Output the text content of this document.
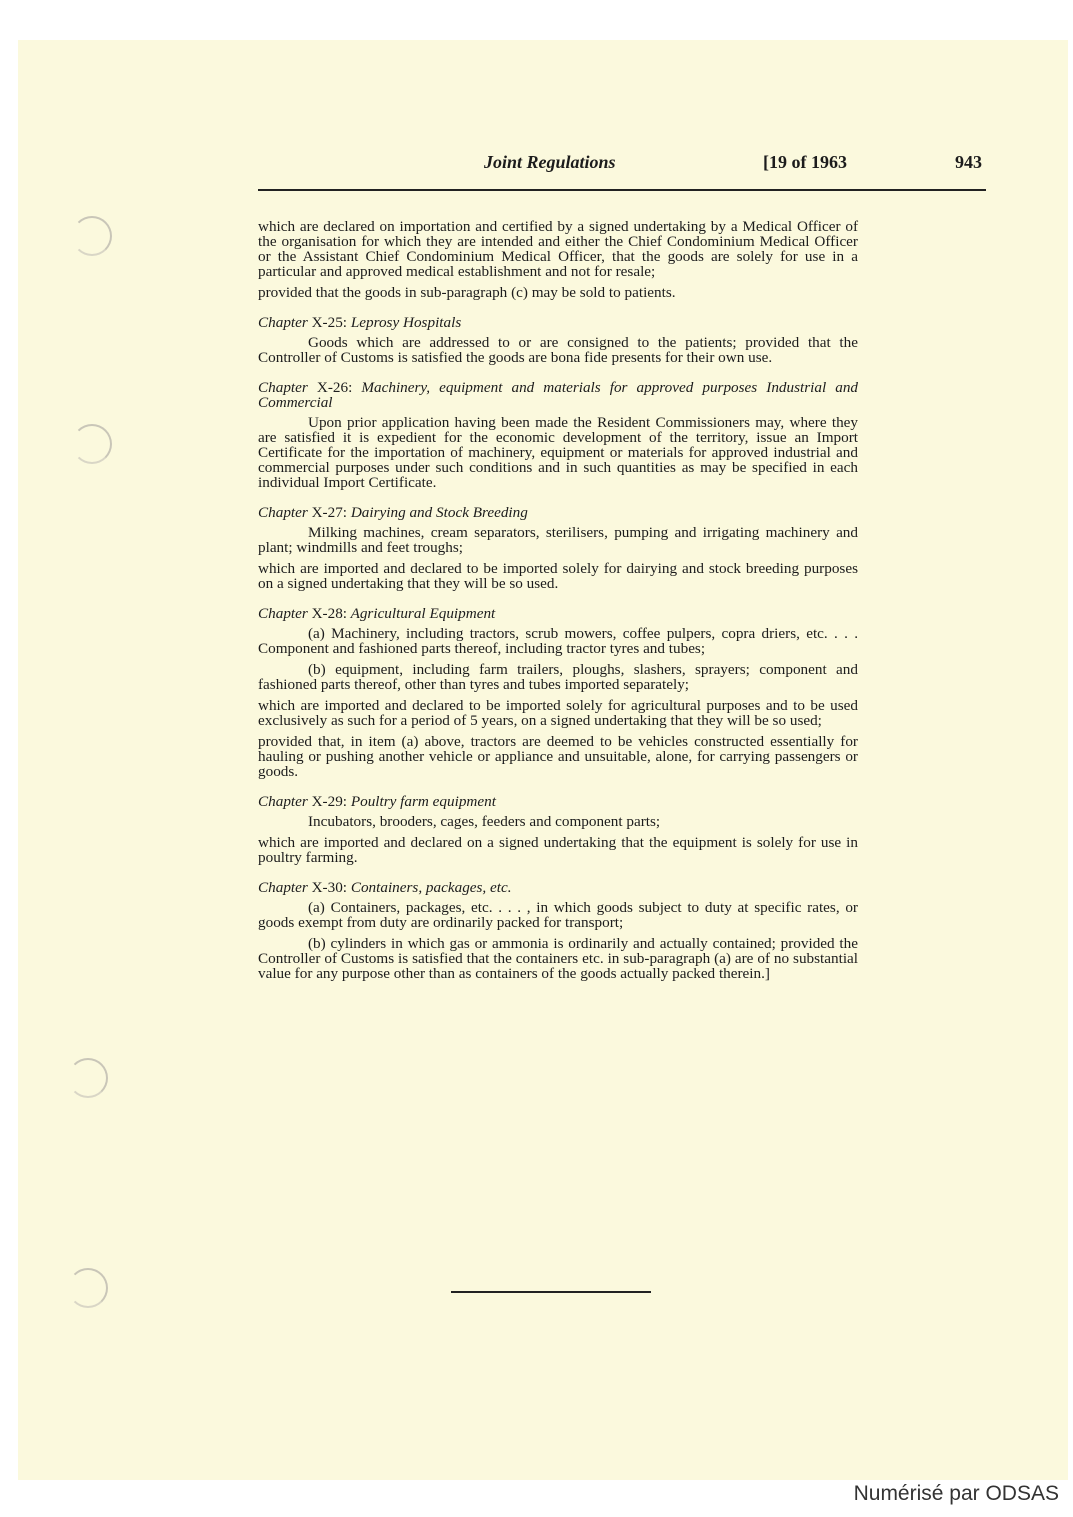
Joint Regulations	[19 of 1963	943

which are declared on importation and certified by a signed undertaking by a Medical Officer of the organisation for which they are intended and either the Chief Condominium Medical Officer or the Assistant Chief Condominium Medical Officer, that the goods are solely for use in a particular and approved medical establishment and not for resale;

provided that the goods in sub-paragraph (c) may be sold to patients.

Chapter X-25: Leprosy Hospitals

Goods which are addressed to or are consigned to the patients; provided that the Controller of Customs is satisfied the goods are bona fide presents for their own use.

Chapter X-26: Machinery, equipment and materials for approved purposes Industrial and Commercial

Upon prior application having been made the Resident Commissioners may, where they are satisfied it is expedient for the economic development of the territory, issue an Import Certificate for the importation of machinery, equipment or materials for approved industrial and commercial purposes under such conditions and in such quantities as may be specified in each individual Import Certificate.

Chapter X-27: Dairying and Stock Breeding

Milking machines, cream separators, sterilisers, pumping and irrigating machinery and plant; windmills and feet troughs;

which are imported and declared to be imported solely for dairying and stock breeding purposes on a signed undertaking that they will be so used.

Chapter X-28: Agricultural Equipment

(a) Machinery, including tractors, scrub mowers, coffee pulpers, copra driers, etc. . . . Component and fashioned parts thereof, including tractor tyres and tubes;

(b) equipment, including farm trailers, ploughs, slashers, sprayers; component and fashioned parts thereof, other than tyres and tubes imported separately;

which are imported and declared to be imported solely for agricultural purposes and to be used exclusively as such for a period of 5 years, on a signed undertaking that they will be so used;

provided that, in item (a) above, tractors are deemed to be vehicles constructed essentially for hauling or pushing another vehicle or appliance and unsuitable, alone, for carrying passengers or goods.

Chapter X-29: Poultry farm equipment

Incubators, brooders, cages, feeders and component parts;

which are imported and declared on a signed undertaking that the equipment is solely for use in poultry farming.

Chapter X-30: Containers, packages, etc.

(a) Containers, packages, etc. . . . , in which goods subject to duty at specific rates, or goods exempt from duty are ordinarily packed for transport;

(b) cylinders in which gas or ammonia is ordinarily and actually contained; provided the Controller of Customs is satisfied that the containers etc. in sub-paragraph (a) are of no substantial value for any purpose other than as containers of the goods actually packed therein.]

Numérisé par ODSAS
